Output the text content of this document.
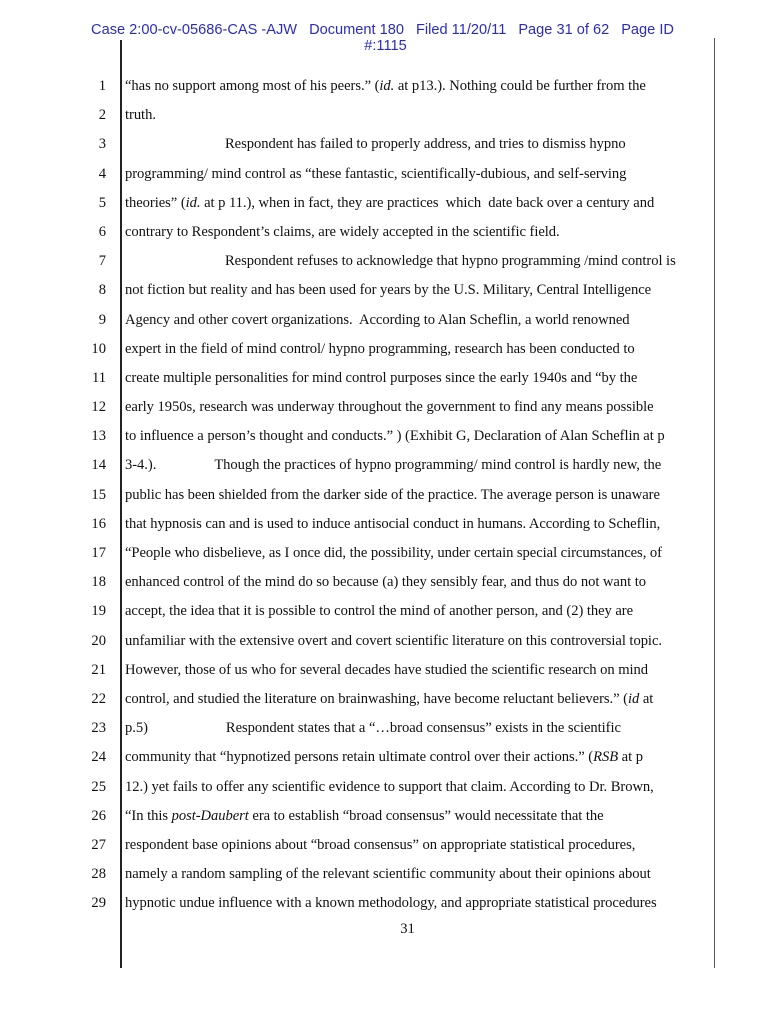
Case 2:00-cv-05686-CAS -AJW Document 180 Filed 11/20/11 Page 31 of 62 Page ID
#:1115
1 “has no support among most of his peers.” (id. at p13.). Nothing could be further from the
2 truth.
3	Respondent has failed to properly address, and tries to dismiss hypno
4 programming/ mind control as “these fantastic, scientifically-dubious, and self-serving
5 theories” (id. at p 11.), when in fact, they are practices  which  date back over a century and
6 contrary to Respondent’s claims, are widely accepted in the scientific field.
7	Respondent refuses to acknowledge that hypno programming /mind control is
8 not fiction but reality and has been used for years by the U.S. Military, Central Intelligence
9 Agency and other covert organizations.  According to Alan Scheflin, a world renowned
10 expert in the field of mind control/ hypno programming, research has been conducted to
11 create multiple personalities for mind control purposes since the early 1940s and “by the
12 early 1950s, research was underway throughout the government to find any means possible
13 to influence a person’s thought and conducts.” ) (Exhibit G, Declaration of Alan Scheflin at p
14 3-4.).	Though the practices of hypno programming/ mind control is hardly new, the
15 public has been shielded from the darker side of the practice. The average person is unaware
16 that hypnosis can and is used to induce antisocial conduct in humans. According to Scheflin,
17 “People who disbelieve, as I once did, the possibility, under certain special circumstances, of
18 enhanced control of the mind do so because (a) they sensibly fear, and thus do not want to
19 accept, the idea that it is possible to control the mind of another person, and (2) they are
20 unfamiliar with the extensive overt and covert scientific literature on this controversial topic.
21 However, those of us who for several decades have studied the scientific research on mind
22 control, and studied the literature on brainwashing, have become reluctant believers.” (id at
23 p.5)	Respondent states that a “…broad consensus” exists in the scientific
24 community that “hypnotized persons retain ultimate control over their actions.” (RSB at p
25 12.) yet fails to offer any scientific evidence to support that claim. According to Dr. Brown,
26 “In this post-Daubert era to establish “broad consensus” would necessitate that the
27 respondent base opinions about “broad consensus” on appropriate statistical procedures,
28 namely a random sampling of the relevant scientific community about their opinions about
29 hypnotic undue influence with a known methodology, and appropriate statistical procedures
31
